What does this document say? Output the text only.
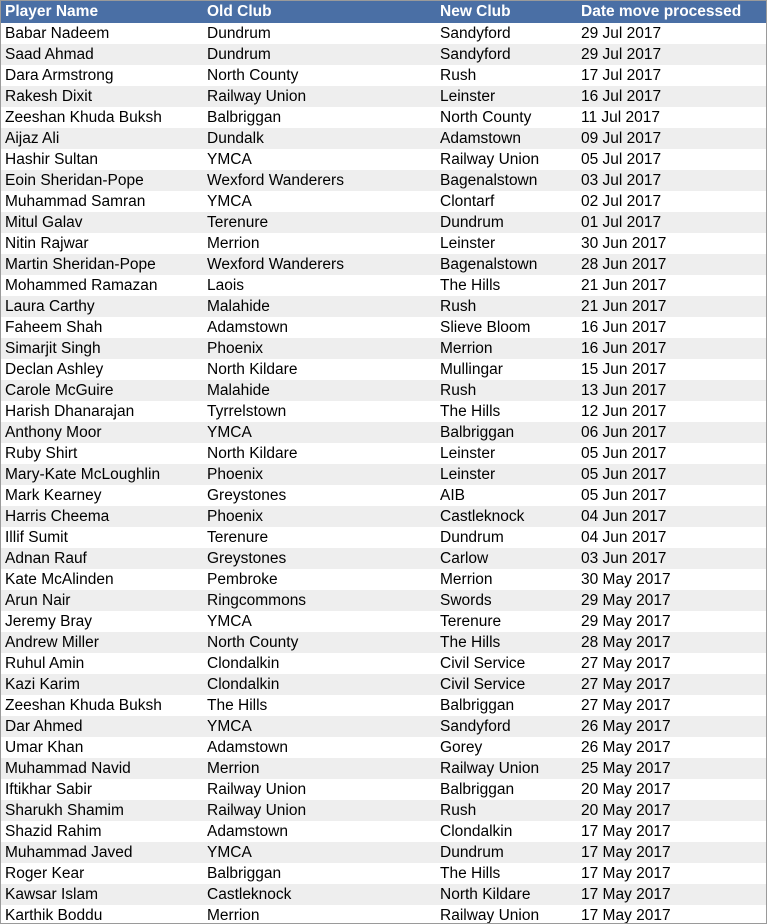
Player Name	Old Club	New Club	Date move processed
Babar Nadeem	Dundrum	Sandyford	29 Jul 2017
Saad Ahmad	Dundrum	Sandyford	29 Jul 2017
Dara Armstrong	North County	Rush	17 Jul 2017
Rakesh Dixit	Railway Union	Leinster	16 Jul 2017
Zeeshan Khuda Buksh	Balbriggan	North County	11 Jul 2017
Aijaz Ali	Dundalk	Adamstown	09 Jul 2017
Hashir Sultan	YMCA	Railway Union	05 Jul 2017
Eoin Sheridan-Pope	Wexford Wanderers	Bagenalstown	03 Jul 2017
Muhammad Samran	YMCA	Clontarf	02 Jul 2017
Mitul Galav	Terenure	Dundrum	01 Jul 2017
Nitin Rajwar	Merrion	Leinster	30 Jun 2017
Martin Sheridan-Pope	Wexford Wanderers	Bagenalstown	28 Jun 2017
Mohammed Ramazan	Laois	The Hills	21 Jun 2017
Laura Carthy	Malahide	Rush	21 Jun 2017
Faheem Shah	Adamstown	Slieve Bloom	16 Jun 2017
Simarjit Singh	Phoenix	Merrion	16 Jun 2017
Declan Ashley	North Kildare	Mullingar	15 Jun 2017
Carole McGuire	Malahide	Rush	13 Jun 2017
Harish Dhanarajan	Tyrrelstown	The Hills	12 Jun 2017
Anthony Moor	YMCA	Balbriggan	06 Jun 2017
Ruby Shirt	North Kildare	Leinster	05 Jun 2017
Mary-Kate McLoughlin	Phoenix	Leinster	05 Jun 2017
Mark Kearney	Greystones	AIB	05 Jun 2017
Harris Cheema	Phoenix	Castleknock	04 Jun 2017
Illif Sumit	Terenure	Dundrum	04 Jun 2017
Adnan Rauf	Greystones	Carlow	03 Jun 2017
Kate McAlinden	Pembroke	Merrion	30 May 2017
Arun Nair	Ringcommons	Swords	29 May 2017
Jeremy Bray	YMCA	Terenure	29 May 2017
Andrew Miller	North County	The Hills	28 May 2017
Ruhul Amin	Clondalkin	Civil Service	27 May 2017
Kazi Karim	Clondalkin	Civil Service	27 May 2017
Zeeshan Khuda Buksh	The Hills	Balbriggan	27 May 2017
Dar Ahmed	YMCA	Sandyford	26 May 2017
Umar Khan	Adamstown	Gorey	26 May 2017
Muhammad Navid	Merrion	Railway Union	25 May 2017
Iftikhar Sabir	Railway Union	Balbriggan	20 May 2017
Sharukh Shamim	Railway Union	Rush	20 May 2017
Shazid Rahim	Adamstown	Clondalkin	17 May 2017
Muhammad Javed	YMCA	Dundrum	17 May 2017
Roger Kear	Balbriggan	The Hills	17 May 2017
Kawsar Islam	Castleknock	North Kildare	17 May 2017
Karthik Boddu	Merrion	Railway Union	17 May 2017
